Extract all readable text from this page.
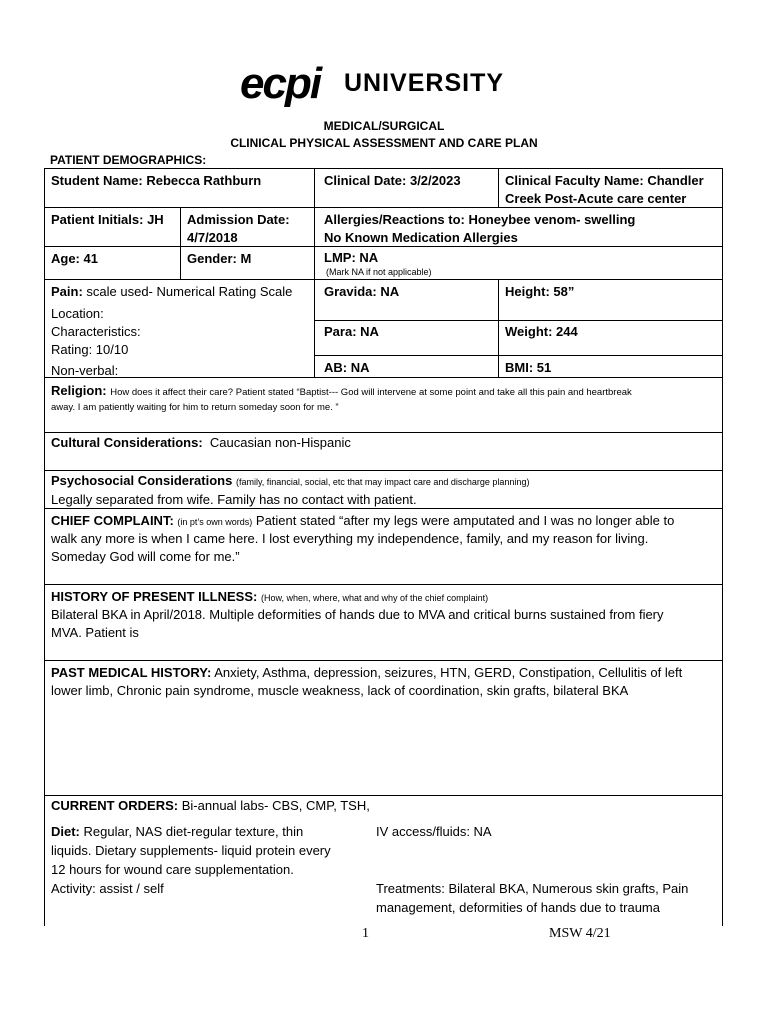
ecpi UNIVERSITY
MEDICAL/SURGICAL
CLINICAL PHYSICAL ASSESSMENT AND CARE PLAN
PATIENT DEMOGRAPHICS:
Student Name: Rebecca Rathburn	Clinical Date: 3/2/2023	Clinical Faculty Name: Chandler
Creek Post-Acute care center
Patient Initials: JH Admission Date:
4/7/2018
Allergies/Reactions to: Honeybee venom- swelling
No Known Medication Allergies
Age: 41	Gender: M	LMP: NA
(Mark NA if not applicable)
Pain: scale used- Numerical Rating Scale
Location:
Characteristics:
Rating: 10/10
Non-verbal:
Gravida: NA	Height: 58”
Para: NA	Weight: 244
AB: NA	BMI: 51
Religion: How does it affect their care? Patient stated “Baptist--- God will intervene at some point and take all this pain and heartbreak
away. I am patiently waiting for him to return someday soon for me. ”
Cultural Considerations: Caucasian non-Hispanic
Psychosocial Considerations (family, financial, social, etc that may impact care and discharge planning)
Legally separated from wife. Family has no contact with patient.
CHIEF COMPLAINT: (in pt’s own words) Patient stated “after my legs were amputated and I was no longer able to
walk any more is when I came here. I lost everything my independence, family, and my reason for living.
Someday God will come for me.”
HISTORY OF PRESENT ILLNESS: (How, when, where, what and why of the chief complaint)
Bilateral BKA in April/2018. Multiple deformities of hands due to MVA and critical burns sustained from fiery
MVA. Patient is
PAST MEDICAL HISTORY: Anxiety, Asthma, depression, seizures, HTN, GERD, Constipation, Cellulitis of left
lower limb, Chronic pain syndrome, muscle weakness, lack of coordination, skin grafts, bilateral BKA
CURRENT ORDERS: Bi-annual labs- CBS, CMP, TSH,
Diet: Regular, NAS diet-regular texture, thin
liquids. Dietary supplements- liquid protein every
12 hours for wound care supplementation.
Activity: assist / self
IV access/fluids: NA
Treatments: Bilateral BKA, Numerous skin grafts, Pain
management, deformities of hands due to trauma
1	MSW 4/21
